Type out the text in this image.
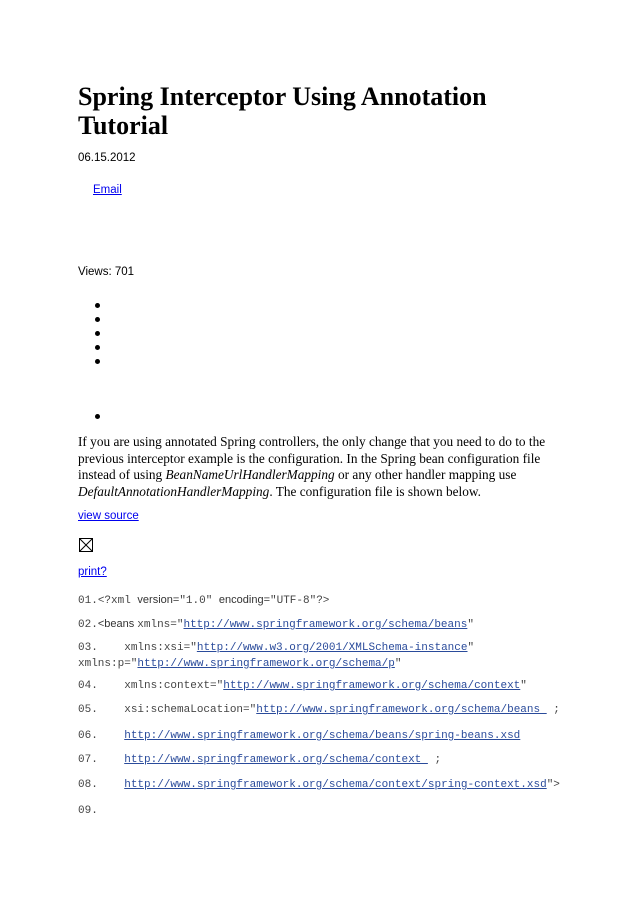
Spring Interceptor Using Annotation Tutorial
06.15.2012
Email
Views: 701

If you are using annotated Spring controllers, the only change that you need to do to the previous interceptor example is the configuration. In the Spring bean configuration file instead of using BeanNameUrlHandlerMapping or any other handler mapping use DefaultAnnotationHandlerMapping. The configuration file is shown below.

view source
print?
01.<?xml version="1.0" encoding="UTF-8"?>
02.<beans xmlns="http://www.springframework.org/schema/beans"
03.    xmlns:xsi="http://www.w3.org/2001/XMLSchema-instance"
xmlns:p="http://www.springframework.org/schema/p"
04.    xmlns:context="http://www.springframework.org/schema/context"
05.    xsi:schemaLocation="http://www.springframework.org/schema/beans  ;
06. http://www.springframework.org/schema/beans/spring-beans.xsd
07. http://www.springframework.org/schema/context  ;
08. http://www.springframework.org/schema/context/spring-context.xsd">
09.
